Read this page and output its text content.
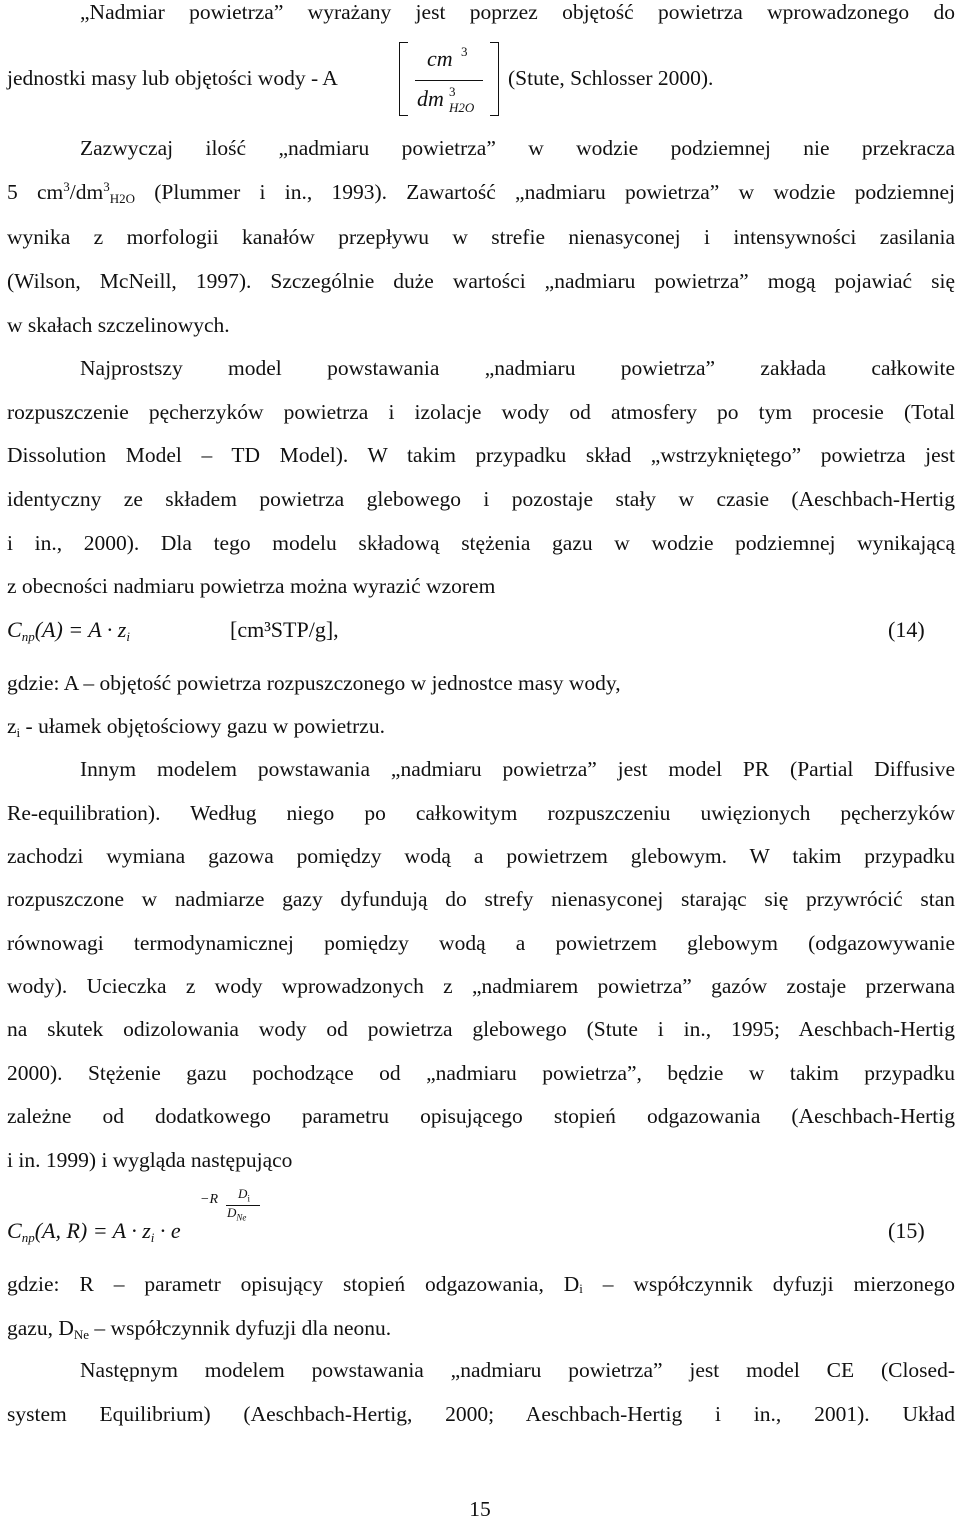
„Nadmiar powietrza” wyrażany jest poprzez objętość powietrza wprowadzonego do
jednostki masy lub objętości wody - A
cm 3
dm 3
H2O
(Stute, Schlosser 2000).
Zazwyczaj ilość „nadmiaru powietrza” w wodzie podziemnej nie przekracza
5 $cm^3/dm^3_{H2O}$ (Plummer i in., 1993). Zawartość „nadmiaru powietrza” w wodzie podziemnej
wynika z morfologii kanałów przepływu w strefie nienasyconej i intensywności zasilania
(Wilson, McNeill, 1997). Szczególnie duże wartości „nadmiaru powietrza” mogą pojawiać się
w skałach szczelinowych.
Najprostszy model powstawania „nadmiaru powietrza” zakłada całkowite
rozpuszczenie pęcherzyków powietrza i izolacje wody od atmosfery po tym procesie (Total
Dissolution Model – TD Model). W takim przypadku skład „wstrzykniętego” powietrza jest
identyczny ze składem powietrza glebowego i pozostaje stały w czasie (Aeschbach-Hertig
i in., 2000). Dla tego modelu składową stężenia gazu w wodzie podziemnej wynikającą
z obecności nadmiaru powietrza można wyrazić wzorem
$C_{np}(A) = A \cdot z_i$	[cm³STP/g],	(14)
gdzie: A – objętość powietrza rozpuszczonego w jednostce masy wody,
$z_i$ - ułamek objętościowy gazu w powietrzu.
Innym modelem powstawania „nadmiaru powietrza” jest model PR (Partial Diffusive
Re-equilibration). Według niego po całkowitym rozpuszczeniu uwięzionych pęcherzyków
zachodzi wymiana gazowa pomiędzy wodą a powietrzem glebowym. W takim przypadku
rozpuszczone w nadmiarze gazy dyfundują do strefy nienasyconej starając się przywrócić stan
równowagi termodynamicznej pomiędzy wodą a powietrzem glebowym (odgazowywanie
wody). Ucieczka z wody wprowadzonych z „nadmiarem powietrza” gazów zostaje przerwana
na skutek odizolowania wody od powietrza glebowego (Stute i in., 1995; Aeschbach-Hertig
2000). Stężenie gazu pochodzące od „nadmiaru powietrza”, będzie w takim przypadku
zależne od dodatkowego parametru opisującego stopień odgazowania (Aeschbach-Hertig
i in. 1999) i wygląda następująco
$C_{np}(A$, $R) = A \cdot z_i \cdot e$
−R	$D_i$
$D_{Ne}$
(15)
gdzie: R – parametr opisujący stopień odgazowania, Dᵢ – współczynnik dyfuzji mierzonego
gazu, $D_{Ne}$ – współczynnik dyfuzji dla neonu.
Następnym modelem powstawania „nadmiaru powietrza” jest model CE (Closed-
system Equilibrium) (Aeschbach-Hertig, 2000; Aeschbach-Hertig i in., 2001). Układ
15
